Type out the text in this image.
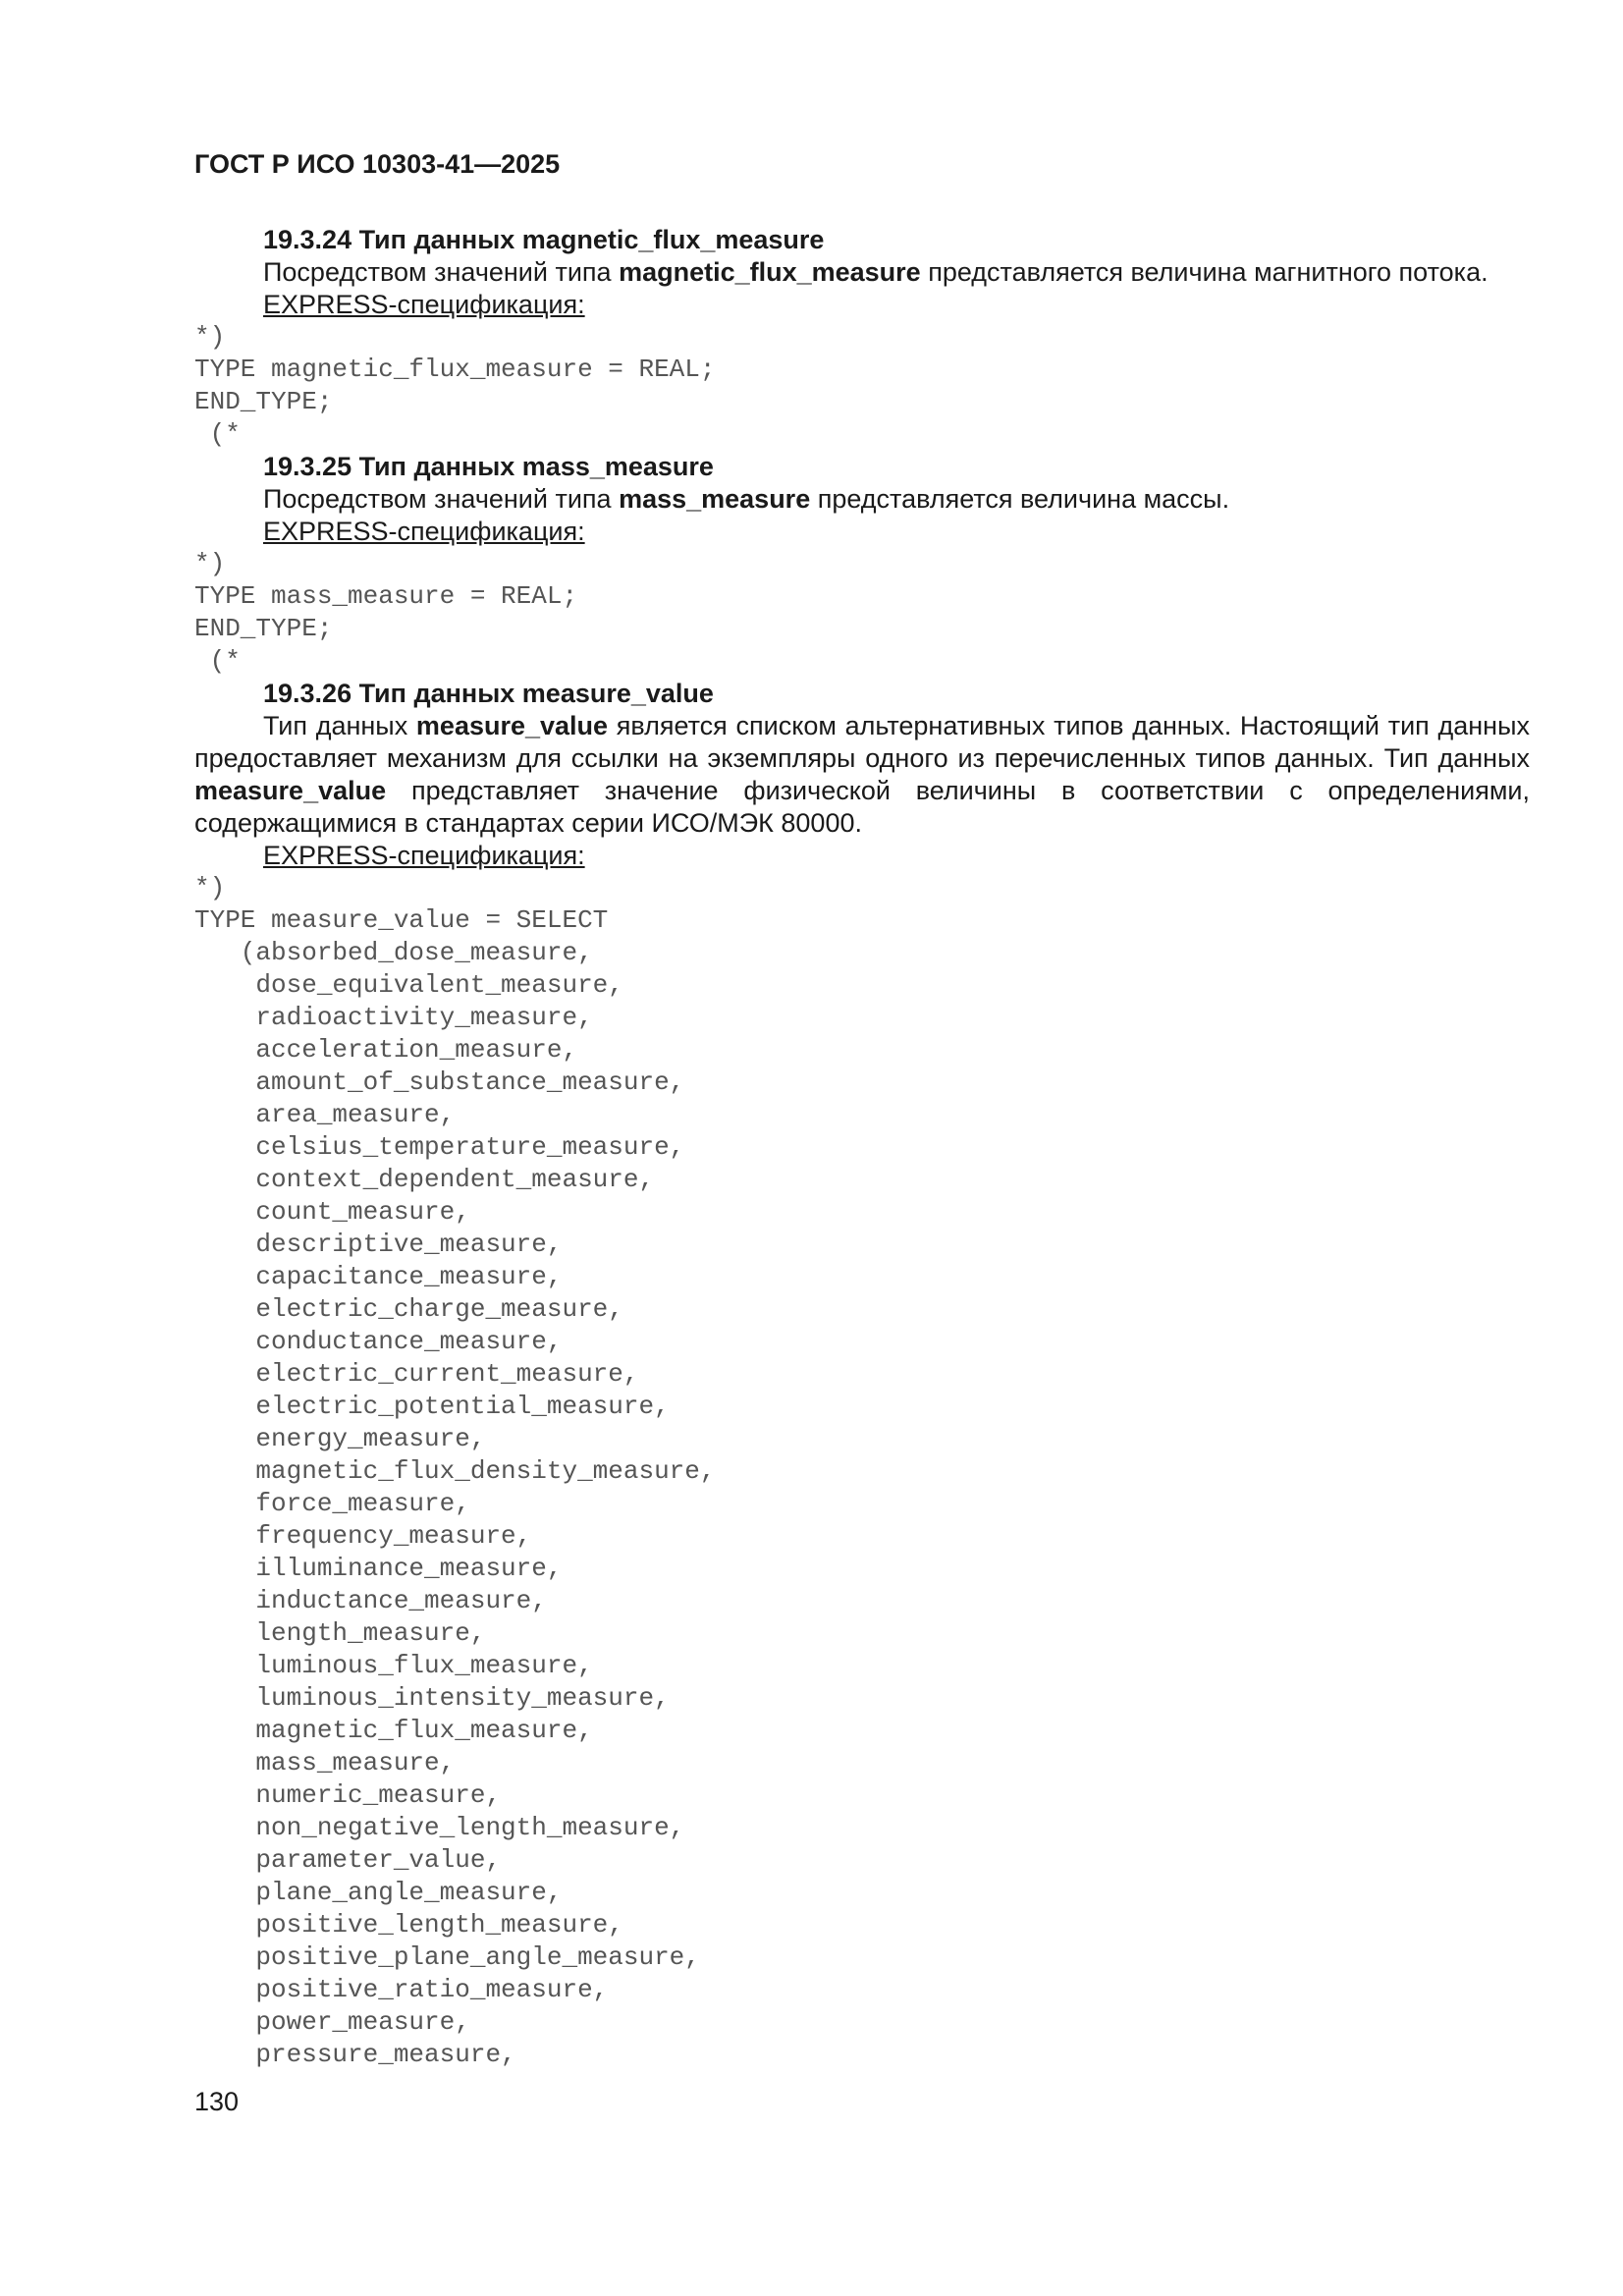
ГОСТ Р ИСО 10303-41—2025

19.3.24 Тип данных magnetic_flux_measure

Посредством значений типа magnetic_flux_measure представляется величина магнитного потока.

EXPRESS-спецификация:
*)
TYPE magnetic_flux_measure = REAL;
END_TYPE;
(*

19.3.25 Тип данных mass_measure

Посредством значений типа mass_measure представляется величина массы.

EXPRESS-спецификация:
*)
TYPE mass_measure = REAL;
END_TYPE;
(*

19.3.26 Тип данных measure_value

Тип данных measure_value является списком альтернативных типов данных. Настоящий тип данных предоставляет механизм для ссылки на экземпляры одного из перечисленных типов данных. Тип данных measure_value представляет значение физической величины в соответствии с определениями, содержащимися в стандартах серии ИСО/МЭК 80000.

EXPRESS-спецификация:
*)
TYPE measure_value = SELECT
(absorbed_dose_measure,
dose_equivalent_measure,
radioactivity_measure,
acceleration_measure,
amount_of_substance_measure,
area_measure,
celsius_temperature_measure,
context_dependent_measure,
count_measure,
descriptive_measure,
capacitance_measure,
electric_charge_measure,
conductance_measure,
electric_current_measure,
electric_potential_measure,
energy_measure,
magnetic_flux_density_measure,
force_measure,
frequency_measure,
illuminance_measure,
inductance_measure,
length_measure,
luminous_flux_measure,
luminous_intensity_measure,
magnetic_flux_measure,
mass_measure,
numeric_measure,
non_negative_length_measure,
parameter_value,
plane_angle_measure,
positive_length_measure,
positive_plane_angle_measure,
positive_ratio_measure,
power_measure,
pressure_measure,

130
